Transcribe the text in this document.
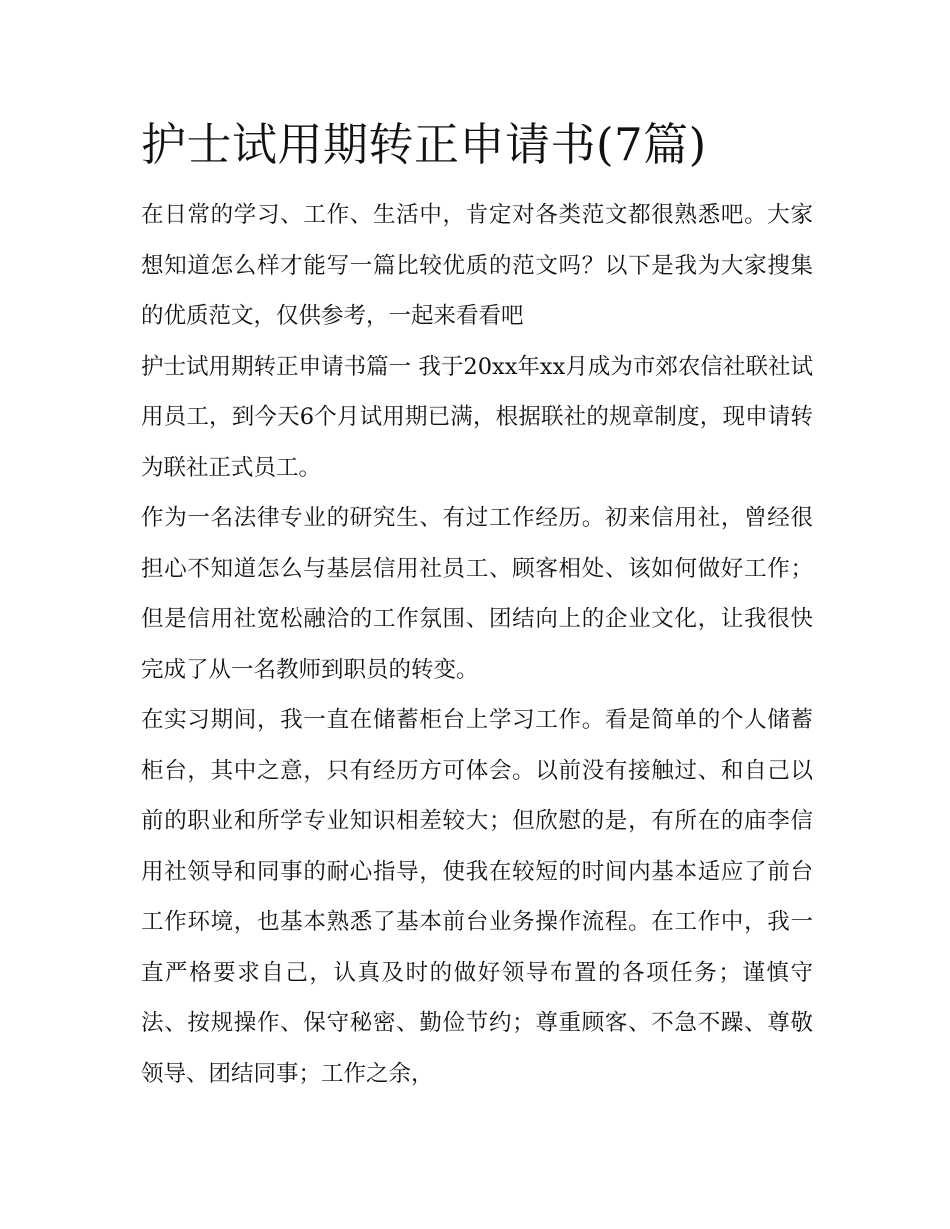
护士试用期转正申请书(7篇)

在日常的学习、工作、生活中，肯定对各类范文都很熟悉吧。大家想知道怎么样才能写一篇比较优质的范文吗？以下是我为大家搜集的优质范文，仅供参考，一起来看看吧

护士试用期转正申请书篇一 我于20xx年xx月成为市郊农信社联社试用员工，到今天6个月试用期已满，根据联社的规章制度，现申请转为联社正式员工。

作为一名法律专业的研究生、有过工作经历。初来信用社，曾经很担心不知道怎么与基层信用社员工、顾客相处、该如何做好工作；但是信用社宽松融洽的工作氛围、团结向上的企业文化，让我很快完成了从一名教师到职员的转变。

在实习期间，我一直在储蓄柜台上学习工作。看是简单的个人储蓄柜台，其中之意，只有经历方可体会。以前没有接触过、和自己以前的职业和所学专业知识相差较大；但欣慰的是，有所在的庙李信用社领导和同事的耐心指导，使我在较短的时间内基本适应了前台工作环境，也基本熟悉了基本前台业务操作流程。在工作中，我一直严格要求自己，认真及时的做好领导布置的各项任务；谨慎守法、按规操作、保守秘密、勤俭节约；尊重顾客、不急不躁、尊敬领导、团结同事；工作之余，
